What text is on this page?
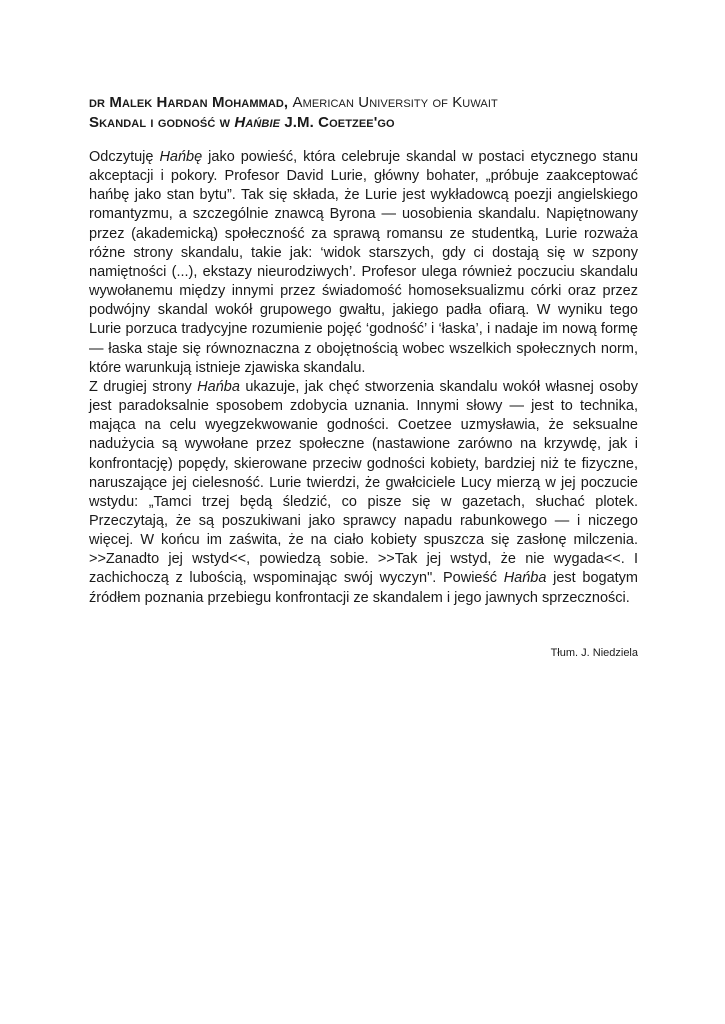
dr Malek Hardan Mohammad, American University of Kuwait
Skandal i godność w Hańbie J.M. Coetzee'go

Odczytuję Hańbę jako powieść, która celebruje skandal w postaci etycznego stanu akceptacji i pokory. Profesor David Lurie, główny bohater, „próbuje zaakceptować hańbę jako stan bytu”. Tak się składa, że Lurie jest wykładowcą poezji angielskiego romantyzmu, a szczególnie znawcą Byrona — uosobienia skandalu. Napiętnowany przez (akademicką) społeczność za sprawą romansu ze studentką, Lurie rozważa różne strony skandalu, takie jak: ‘widok starszych, gdy ci dostają się w szpony namiętności (...), ekstazy nieurodziwych’. Profesor ulega również poczuciu skandalu wywołanemu między innymi przez świadomość homoseksualizmu córki oraz przez podwójny skandal wokół grupowego gwałtu, jakiego padła ofiarą. W wyniku tego Lurie porzuca tradycyjne rozumienie pojęć ‘godność’ i ‘łaska’, i nadaje im nową formę — łaska staje się równoznaczna z obojętnością wobec wszelkich społecznych norm, które warunkują istnieje zjawiska skandalu.

Z drugiej strony Hańba ukazuje, jak chęć stworzenia skandalu wokół własnej osoby jest paradoksalnie sposobem zdobycia uznania. Innymi słowy — jest to technika, mająca na celu wyegzekwowanie godności. Coetzee uzmysławia, że seksualne nadużycia są wywołane przez społeczne (nastawione zarówno na krzywdę, jak i konfrontację) popędy, skierowane przeciw godności kobiety, bardziej niż te fizyczne, naruszające jej cielesność. Lurie twierdzi, że gwałciciele Lucy mierzą w jej poczucie wstydu: „Tamci trzej będą śledzić, co pisze się w gazetach, słuchać plotek. Przeczytają, że są poszukiwani jako sprawcy napadu rabunkowego — i niczego więcej. W końcu im zaświta, że na ciało kobiety spuszcza się zasłonę milczenia. >>Zanadto jej wstyd<<, powiedzą sobie. >>Tak jej wstyd, że nie wygada<<. I zachichoczą z lubością, wspominając swój wyczyn". Powieść Hańba jest bogatym źródłem poznania przebiegu konfrontacji ze skandalem i jego jawnych sprzeczności.

Tłum. J. Niedziela
